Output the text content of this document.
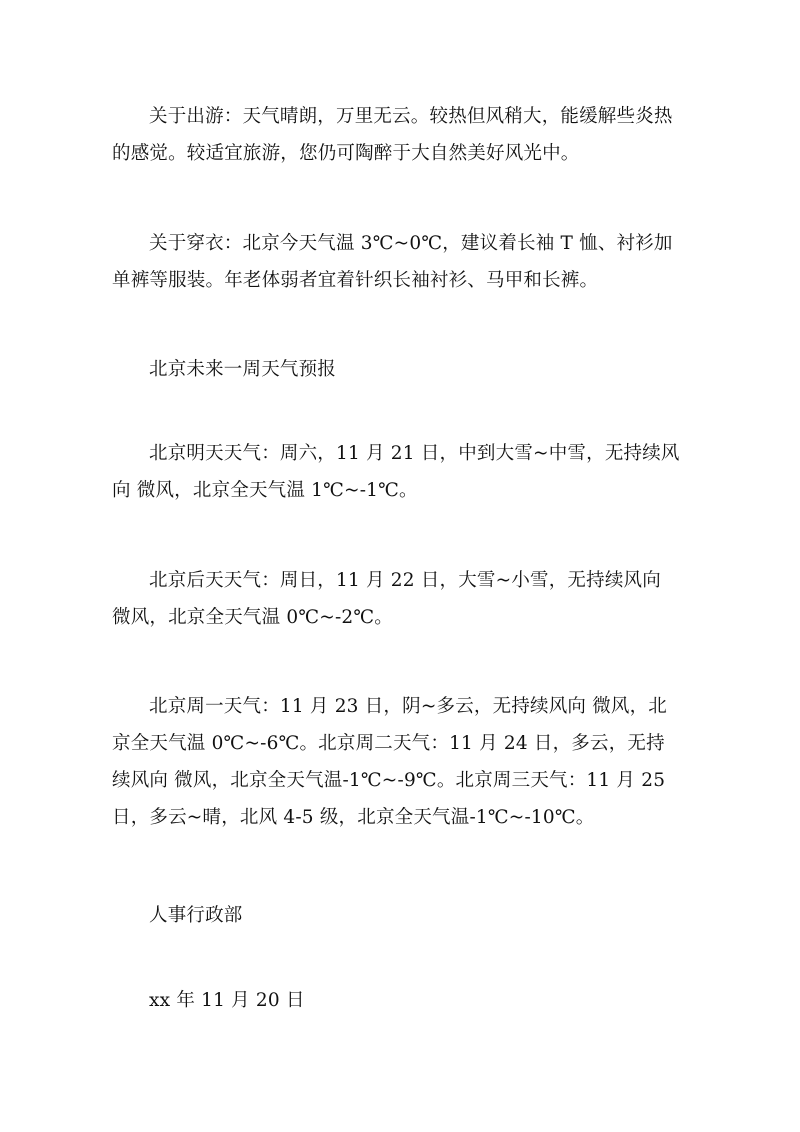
关于出游：天气晴朗，万里无云。较热但风稍大，能缓解些炎热的感觉。较适宜旅游，您仍可陶醉于大自然美好风光中。

关于穿衣：北京今天气温 3℃~0℃，建议着长袖 T 恤、衬衫加单裤等服装。年老体弱者宜着针织长袖衬衫、马甲和长裤。

北京未来一周天气预报

北京明天天气：周六，11 月 21 日，中到大雪~中雪，无持续风向 微风，北京全天气温 1℃~-1℃。

北京后天天气：周日，11 月 22 日，大雪~小雪，无持续风向 微风，北京全天气温 0℃~-2℃。

北京周一天气：11 月 23 日，阴~多云，无持续风向 微风，北京全天气温 0℃~-6℃。北京周二天气：11 月 24 日，多云，无持续风向 微风，北京全天气温-1℃~-9℃。北京周三天气：11 月 25 日，多云~晴，北风 4-5 级，北京全天气温-1℃~-10℃。

人事行政部

xx 年 11 月 20 日
